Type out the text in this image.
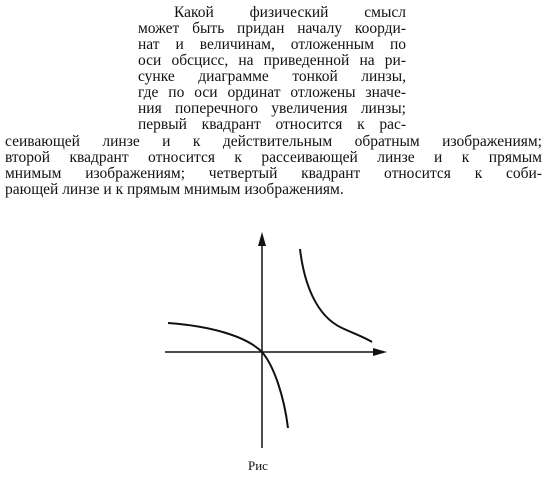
Какой физический смысл
может быть придан началу коорди-
нат и величинам, отложенным по
оси обсцисс, на приведенной на ри-
сунке диаграмме тонкой линзы,
где по оси ординат отложены значе-
ния поперечного увеличения линзы;
первый квадрант относится к рас-
сеивающей линзе и к действительным обратным изображениям;
второй квадрант относится к рассеивающей линзе и к прямым
мнимым изображениям; четвертый квадрант относится к соби-
рающей линзе и к прямым мнимым изображениям.
Рис
